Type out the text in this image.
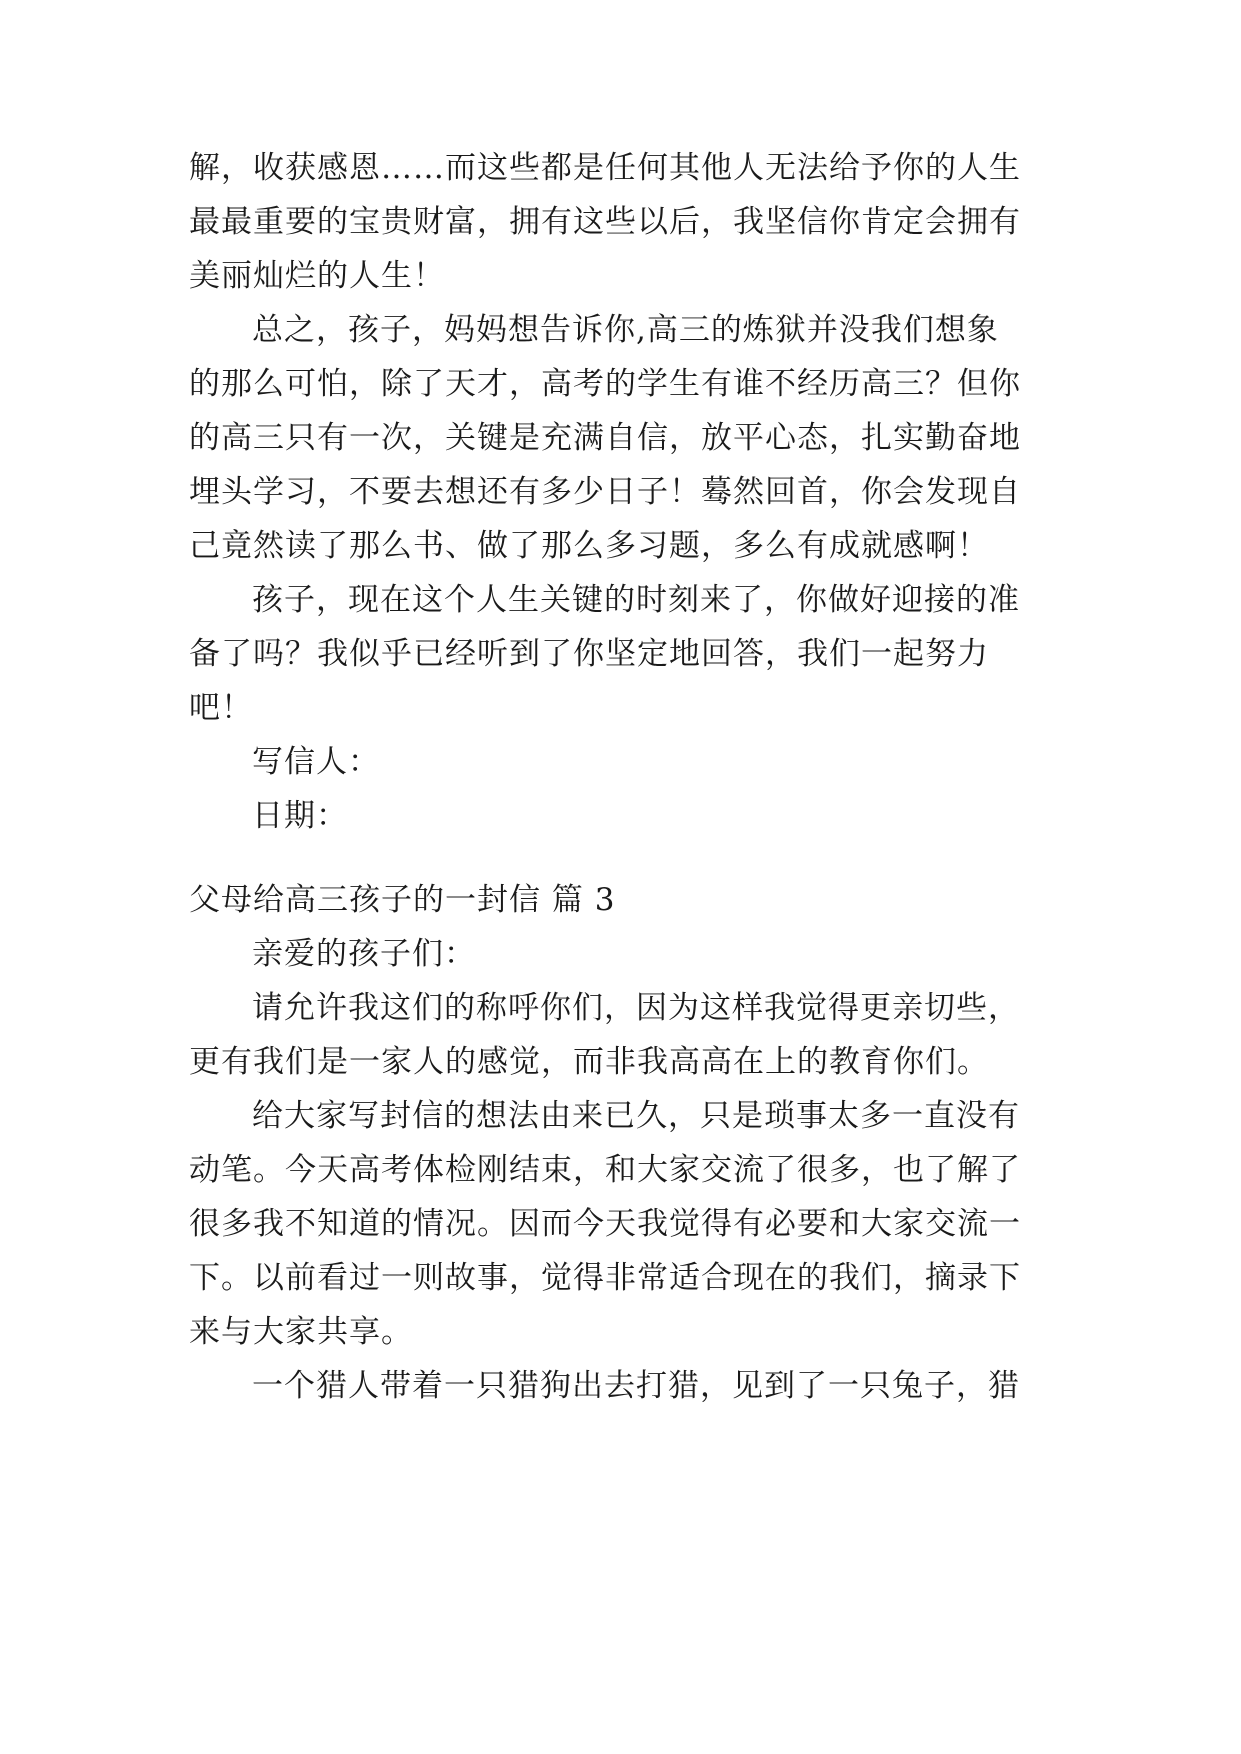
解，收获感恩……而这些都是任何其他人无法给予你的人生
最最重要的宝贵财富，拥有这些以后，我坚信你肯定会拥有
美丽灿烂的人生！
总之，孩子，妈妈想告诉你,高三的炼狱并没我们想象
的那么可怕，除了天才，高考的学生有谁不经历高三？但你
的高三只有一次，关键是充满自信，放平心态，扎实勤奋地
埋头学习，不要去想还有多少日子！蓦然回首，你会发现自
己竟然读了那么书、做了那么多习题，多么有成就感啊！
孩子，现在这个人生关键的时刻来了，你做好迎接的准
备了吗？我似乎已经听到了你坚定地回答，我们一起努力
吧！
写信人：
日期：
父母给高三孩子的一封信 篇 3
亲爱的孩子们：
请允许我这们的称呼你们，因为这样我觉得更亲切些，
更有我们是一家人的感觉，而非我高高在上的教育你们。
给大家写封信的想法由来已久，只是琐事太多一直没有
动笔。今天高考体检刚结束，和大家交流了很多，也了解了
很多我不知道的情况。因而今天我觉得有必要和大家交流一
下。以前看过一则故事，觉得非常适合现在的我们，摘录下
来与大家共享。
一个猎人带着一只猎狗出去打猎，见到了一只兔子，猎
